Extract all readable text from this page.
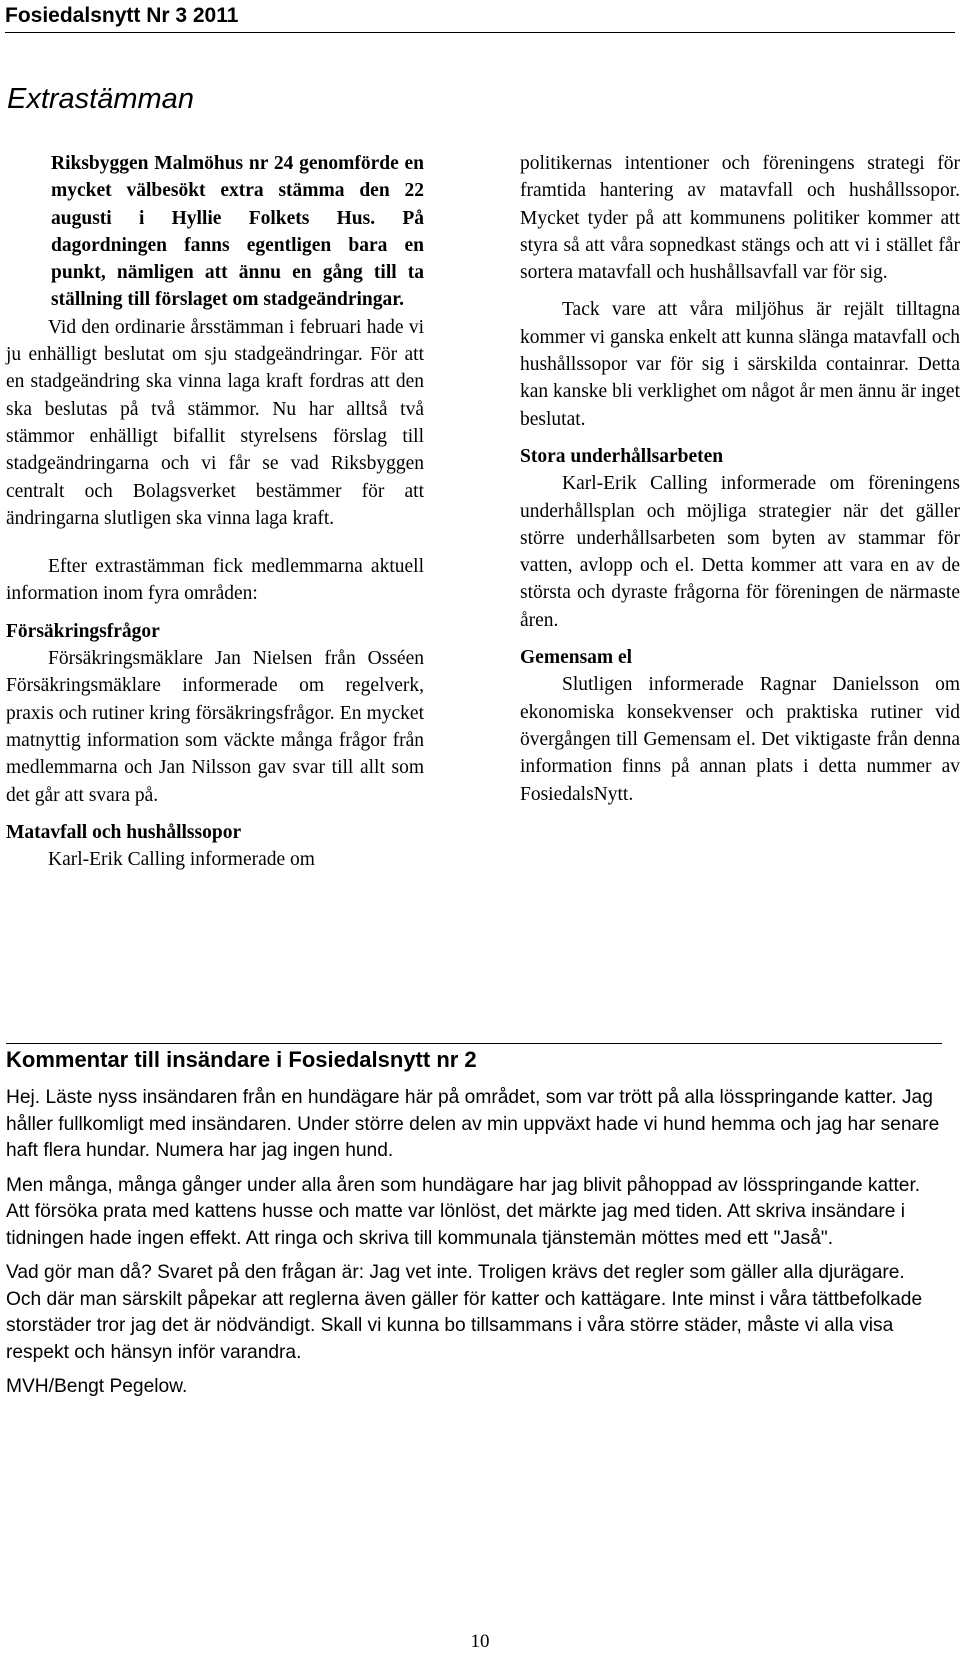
Fosiedalsnytt Nr 3 2011
Extrastämman

Riksbyggen Malmöhus nr 24 genomförde en mycket välbesökt extra stämma den 22 augusti i Hyllie Folkets Hus. På dagordningen fanns egentligen bara en punkt, nämligen att ännu en gång till ta ställning till förslaget om stadgeändringar.

Vid den ordinarie årsstämman i februari hade vi ju enhälligt beslutat om sju stadgeändringar. För att en stadgeändring ska vinna laga kraft fordras att den ska beslutas på två stämmor. Nu har alltså två stämmor enhälligt bifallit styrelsens förslag till stadgeändringarna och vi får se vad Riksbyggen centralt och Bolagsverket bestämmer för att ändringarna slutligen ska vinna laga kraft.

Efter extrastämman fick medlemmarna aktuell information inom fyra områden:

Försäkringsfrågor

Försäkringsmäklare Jan Nielsen från Osséen Försäkringsmäklare informerade om regelverk, praxis och rutiner kring försäkringsfrågor. En mycket matnyttig information som väckte många frågor från medlemmarna och Jan Nilsson gav svar till allt som det går att svara på.

Matavfall och hushållssopor

Karl-Erik Calling informerade om

politikernas intentioner och föreningens strategi för framtida hantering av matavfall och hushållssopor. Mycket tyder på att kommunens politiker kommer att styra så att våra sopnedkast stängs och att vi i stället får sortera matavfall och hushållsavfall var för sig.

Tack vare att våra miljöhus är rejält tilltagna kommer vi ganska enkelt att kunna slänga matavfall och hushållssopor var för sig i särskilda containrar. Detta kan kanske bli verklighet om något år men ännu är inget beslutat.

Stora underhållsarbeten

Karl-Erik Calling informerade om föreningens underhållsplan och möjliga strategier när det gäller större underhållsarbeten som byten av stammar för vatten, avlopp och el. Detta kommer att vara en av de största och dyraste frågorna för föreningen de närmaste åren.

Gemensam el

Slutligen informerade Ragnar Danielsson om ekonomiska konsekvenser och praktiska rutiner vid övergången till Gemensam el. Det viktigaste från denna information finns på annan plats i detta nummer av FosiedalsNytt.

Kommentar till insändare i Fosiedalsnytt nr 2

Hej. Läste nyss insändaren från en hundägare här på området, som var trött på alla lösspringande katter. Jag håller fullkomligt med insändaren. Under större delen av min uppväxt hade vi hund hemma och jag har senare haft flera hundar. Numera har jag ingen hund.

Men många, många gånger under alla åren som hundägare har jag blivit påhoppad av lösspringande katter. Att försöka prata med kattens husse och matte var lönlöst, det märkte jag med tiden. Att skriva insändare i tidningen hade ingen effekt. Att ringa och skriva till kommunala tjänstemän möttes med ett "Jaså".

Vad gör man då? Svaret på den frågan är: Jag vet inte. Troligen krävs det regler som gäller alla djurägare. Och där man särskilt påpekar att reglerna även gäller för katter och kattägare. Inte minst i våra tättbefolkade storstäder tror jag det är nödvändigt. Skall vi kunna bo tillsammans i våra större städer, måste vi alla visa respekt och hänsyn inför varandra.

MVH/Bengt Pegelow.

10
